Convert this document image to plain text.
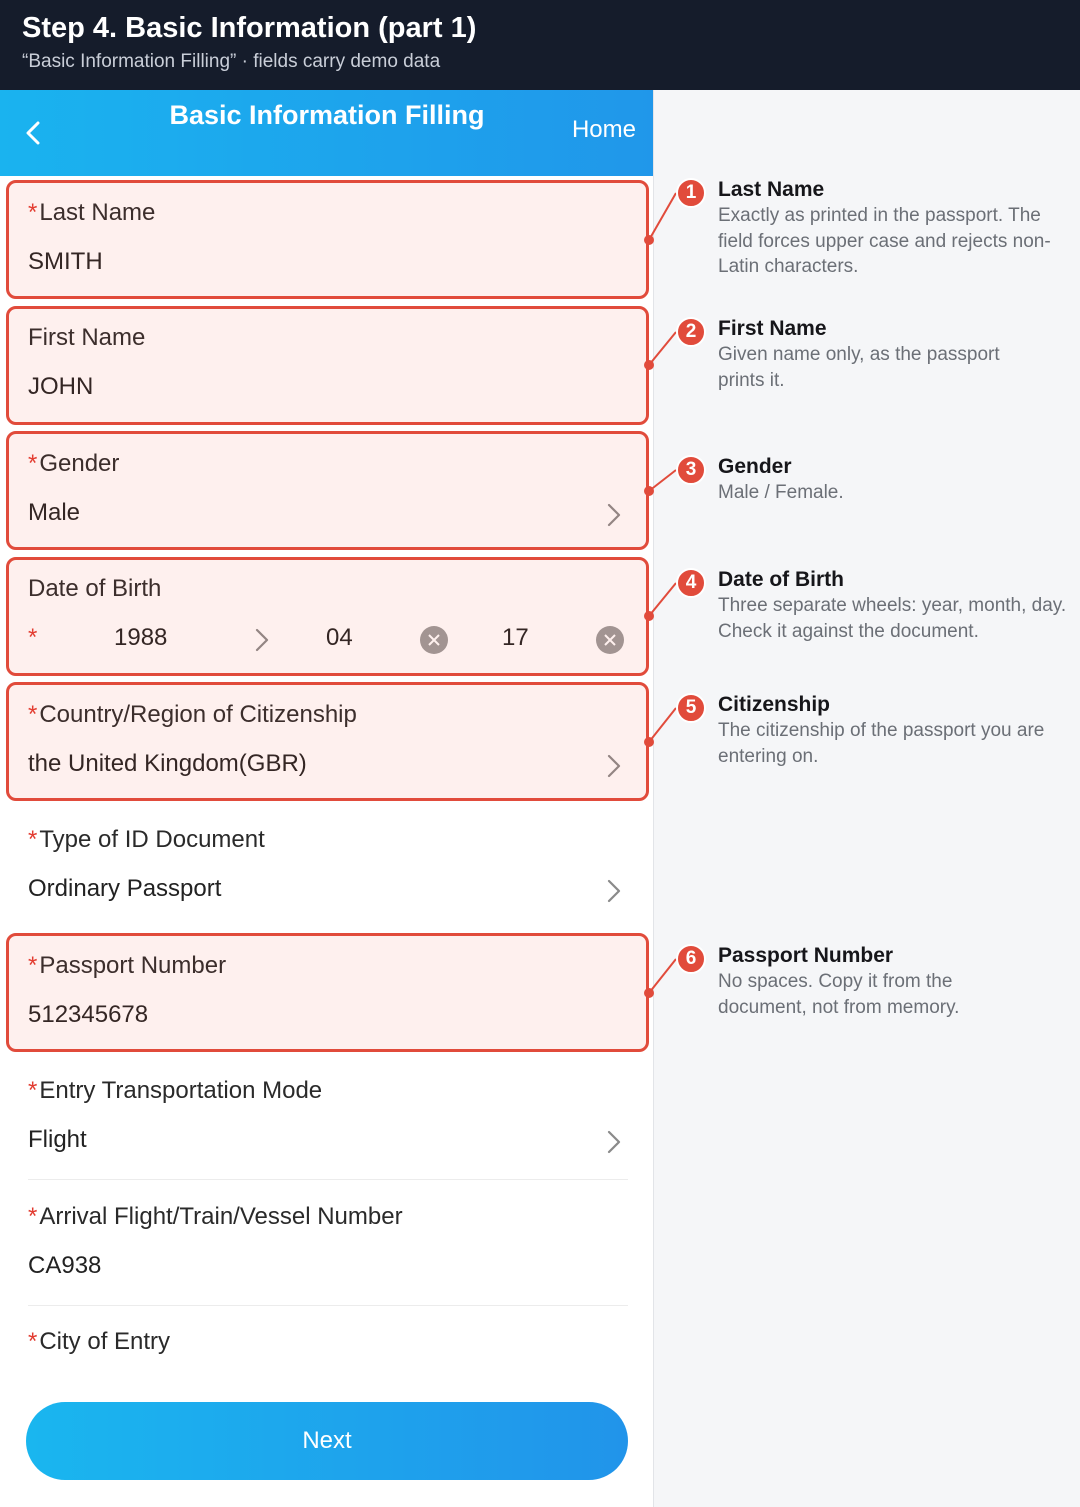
Step 4. Basic Information (part 1)
“Basic Information Filling” · fields carry demo data
Basic Information Filling	Home
*Last Name
SMITH
First Name
JOHN
*Gender
Male
Date of Birth
*	1988	04	17
*Country/Region of Citizenship
the United Kingdom(GBR)
*Type of ID Document
Ordinary Passport
*Passport Number
512345678
*Entry Transportation Mode
Flight
*Arrival Flight/Train/Vessel Number
CA938
*City of Entry
Next
1
2
3
4
5
6
Last Name
Exactly as printed in the passport. The field forces upper case and rejects non-Latin characters.
First Name
Given name only, as the passport prints it.
Gender
Male / Female.
Date of Birth
Three separate wheels: year, month, day. Check it against the document.
Citizenship
The citizenship of the passport you are entering on.
Passport Number
No spaces. Copy it from the document, not from memory.
